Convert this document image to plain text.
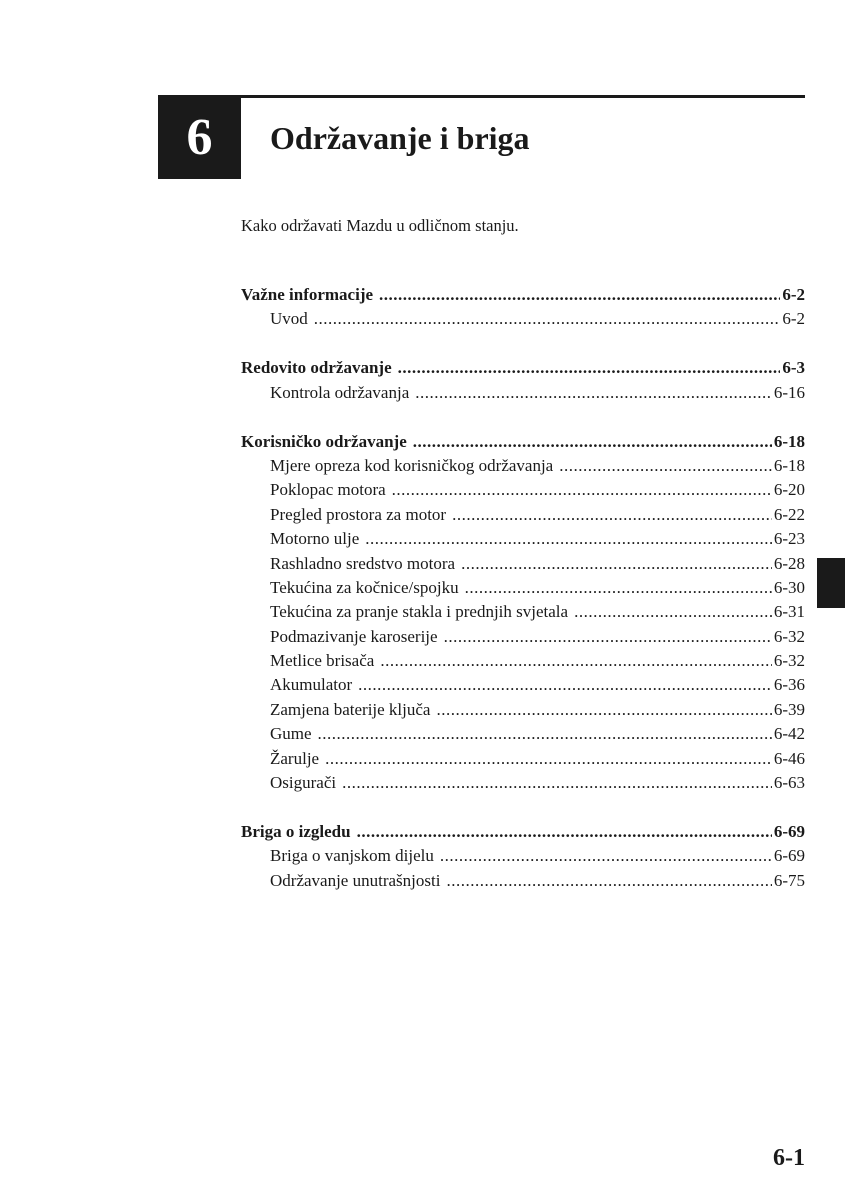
6 Održavanje i briga
Kako održavati Mazdu u odličnom stanju.
Važne informacije .....	6-2
Uvod .....	6-2
Redovito održavanje .....	6-3
Kontrola održavanja .....	6-16
Korisničko održavanje .....	6-18
Mjere opreza kod korisničkog održavanja .....	6-18
Poklopac motora .....	6-20
Pregled prostora za motor .....	6-22
Motorno ulje .....	6-23
Rashladno sredstvo motora .....	6-28
Tekućina za kočnice/spojku .....	6-30
Tekućina za pranje stakla i prednjih svjetala .....	6-31
Podmazivanje karoserije .....	6-32
Metlice brisača .....	6-32
Akumulator .....	6-36
Zamjena baterije ključa .....	6-39
Gume .....	6-42
Žarulje .....	6-46
Osigurači .....	6-63
Briga o izgledu .....	6-69
Briga o vanjskom dijelu .....	6-69
Održavanje unutrašnjosti .....	6-75
6-1
